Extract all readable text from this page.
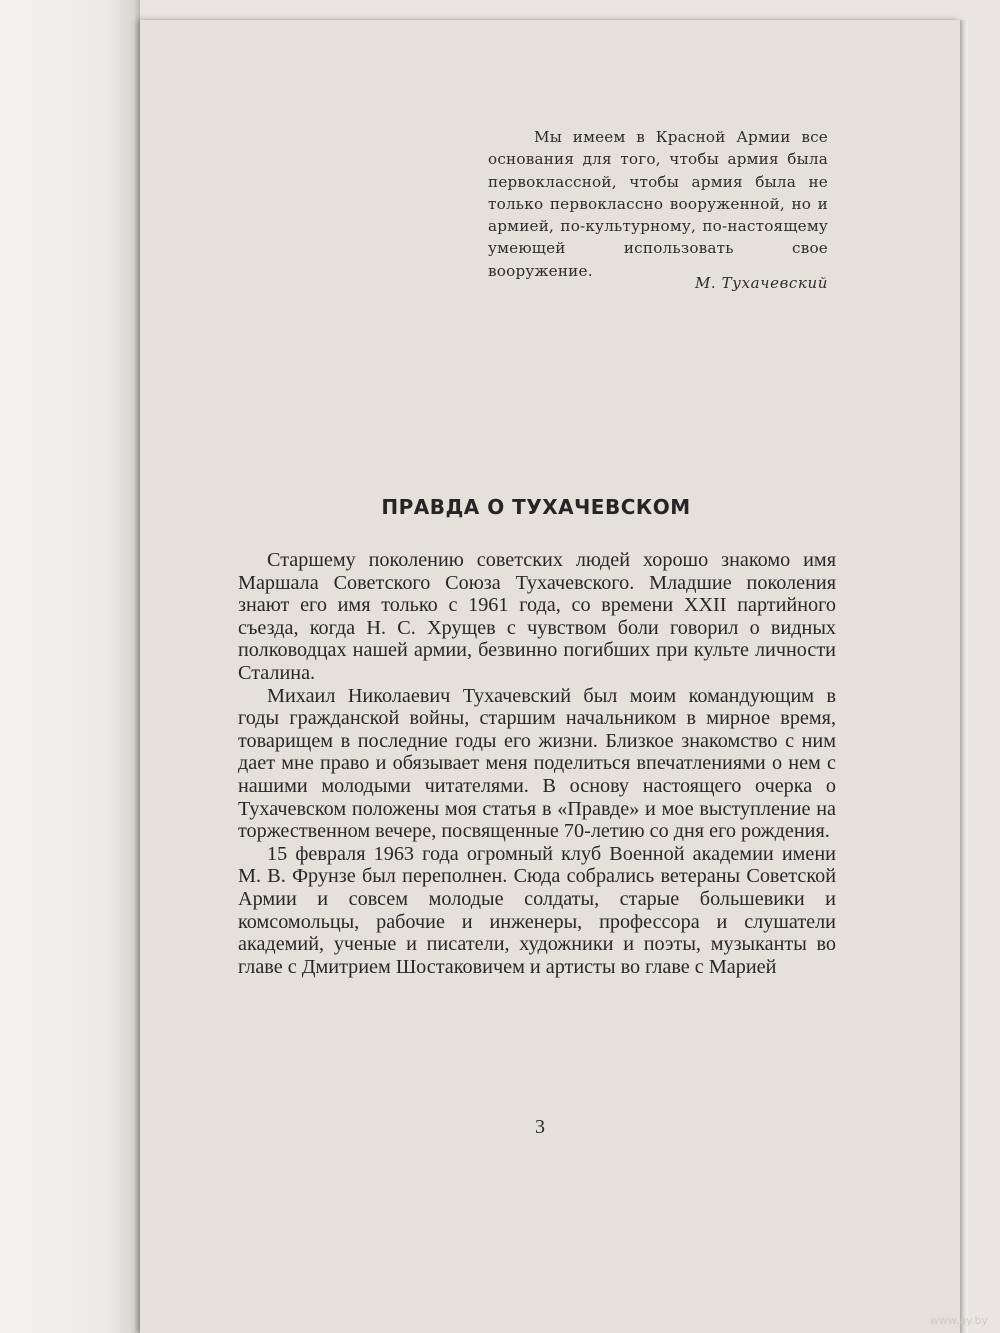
Мы имеем в Красной Армии все основания для того, чтобы армия была первоклассной, чтобы армия была не только первоклассно вооруженной, но и армией, по-культурному, по-настоящему умеющей использовать свое вооружение.

М. Тухачевский
ПРАВДА О ТУХАЧЕВСКОМ

Старшему поколению советских людей хорошо знакомо имя Маршала Советского Союза Тухачевского. Младшие поколения знают его имя только с 1961 года, со времени XXII партийного съезда, когда Н. С. Хрущев с чувством боли говорил о видных полководцах нашей армии, безвинно погибших при культе личности Сталина.

Михаил Николаевич Тухачевский был моим командующим в годы гражданской войны, старшим начальником в мирное время, товарищем в последние годы его жизни. Близкое знакомство с ним дает мне право и обязывает меня поделиться впечатлениями о нем с нашими молодыми читателями. В основу настоящего очерка о Тухачевском положены моя статья в «Правде» и мое выступление на торжественном вечере, посвященные 70-летию со дня его рождения.

15 февраля 1963 года огромный клуб Военной академии имени М. В. Фрунзе был переполнен. Сюда собрались ветераны Советской Армии и совсем молодые солдаты, старые большевики и комсомольцы, рабочие и инженеры, профессора и слушатели академий, ученые и писатели, художники и поэты, музыканты во главе с Дмитрием Шостаковичем и артисты во главе с Марией

3
www.ay.by
